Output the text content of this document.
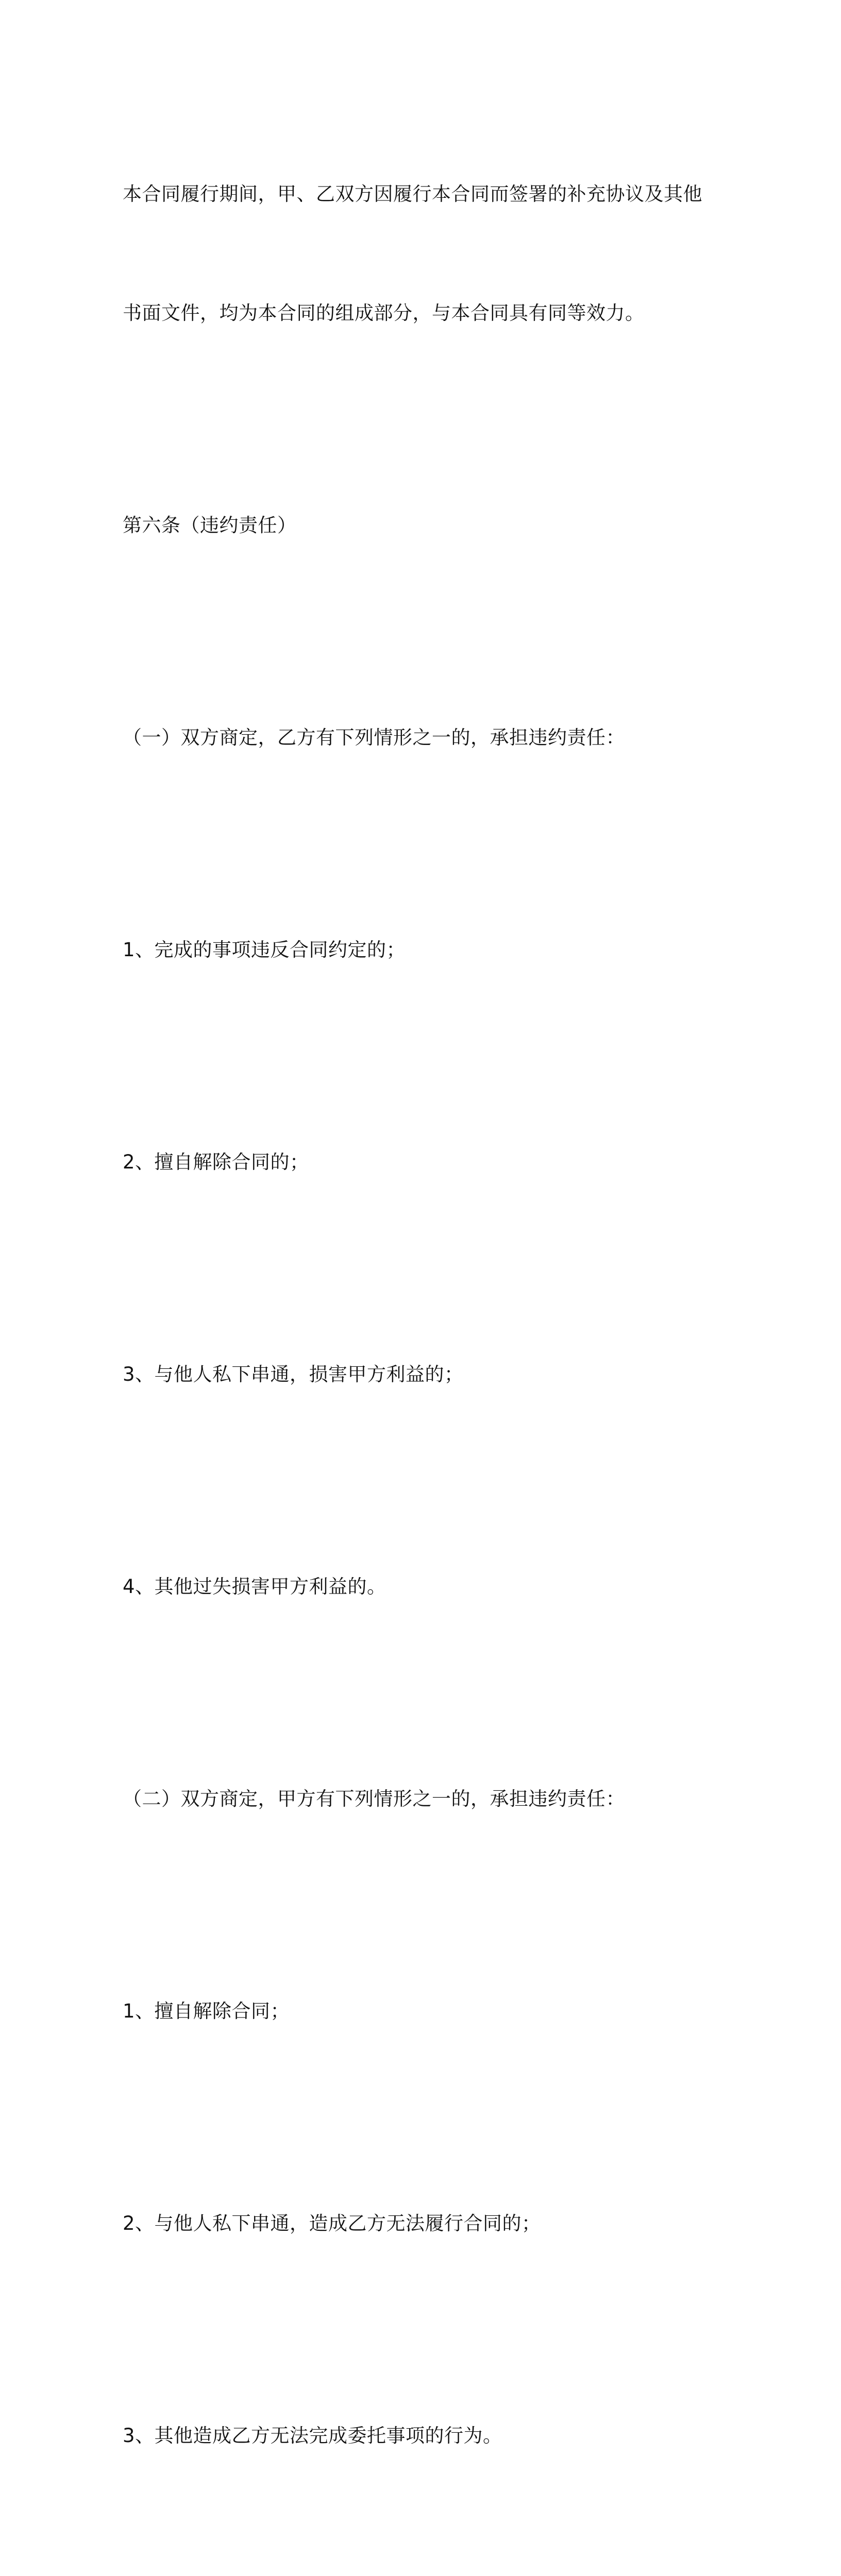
本合同履行期间，甲、乙双方因履行本合同而签署的补充协议及其他

书面文件，均为本合同的组成部分，与本合同具有同等效力。

第六条（违约责任）

（一）双方商定，乙方有下列情形之一的，承担违约责任：

1、完成的事项违反合同约定的；

2、擅自解除合同的；

3、与他人私下串通，损害甲方利益的；

4、其他过失损害甲方利益的。

（二）双方商定，甲方有下列情形之一的，承担违约责任：

1、擅自解除合同；

2、与他人私下串通，造成乙方无法履行合同的；

3、其他造成乙方无法完成委托事项的行为。
